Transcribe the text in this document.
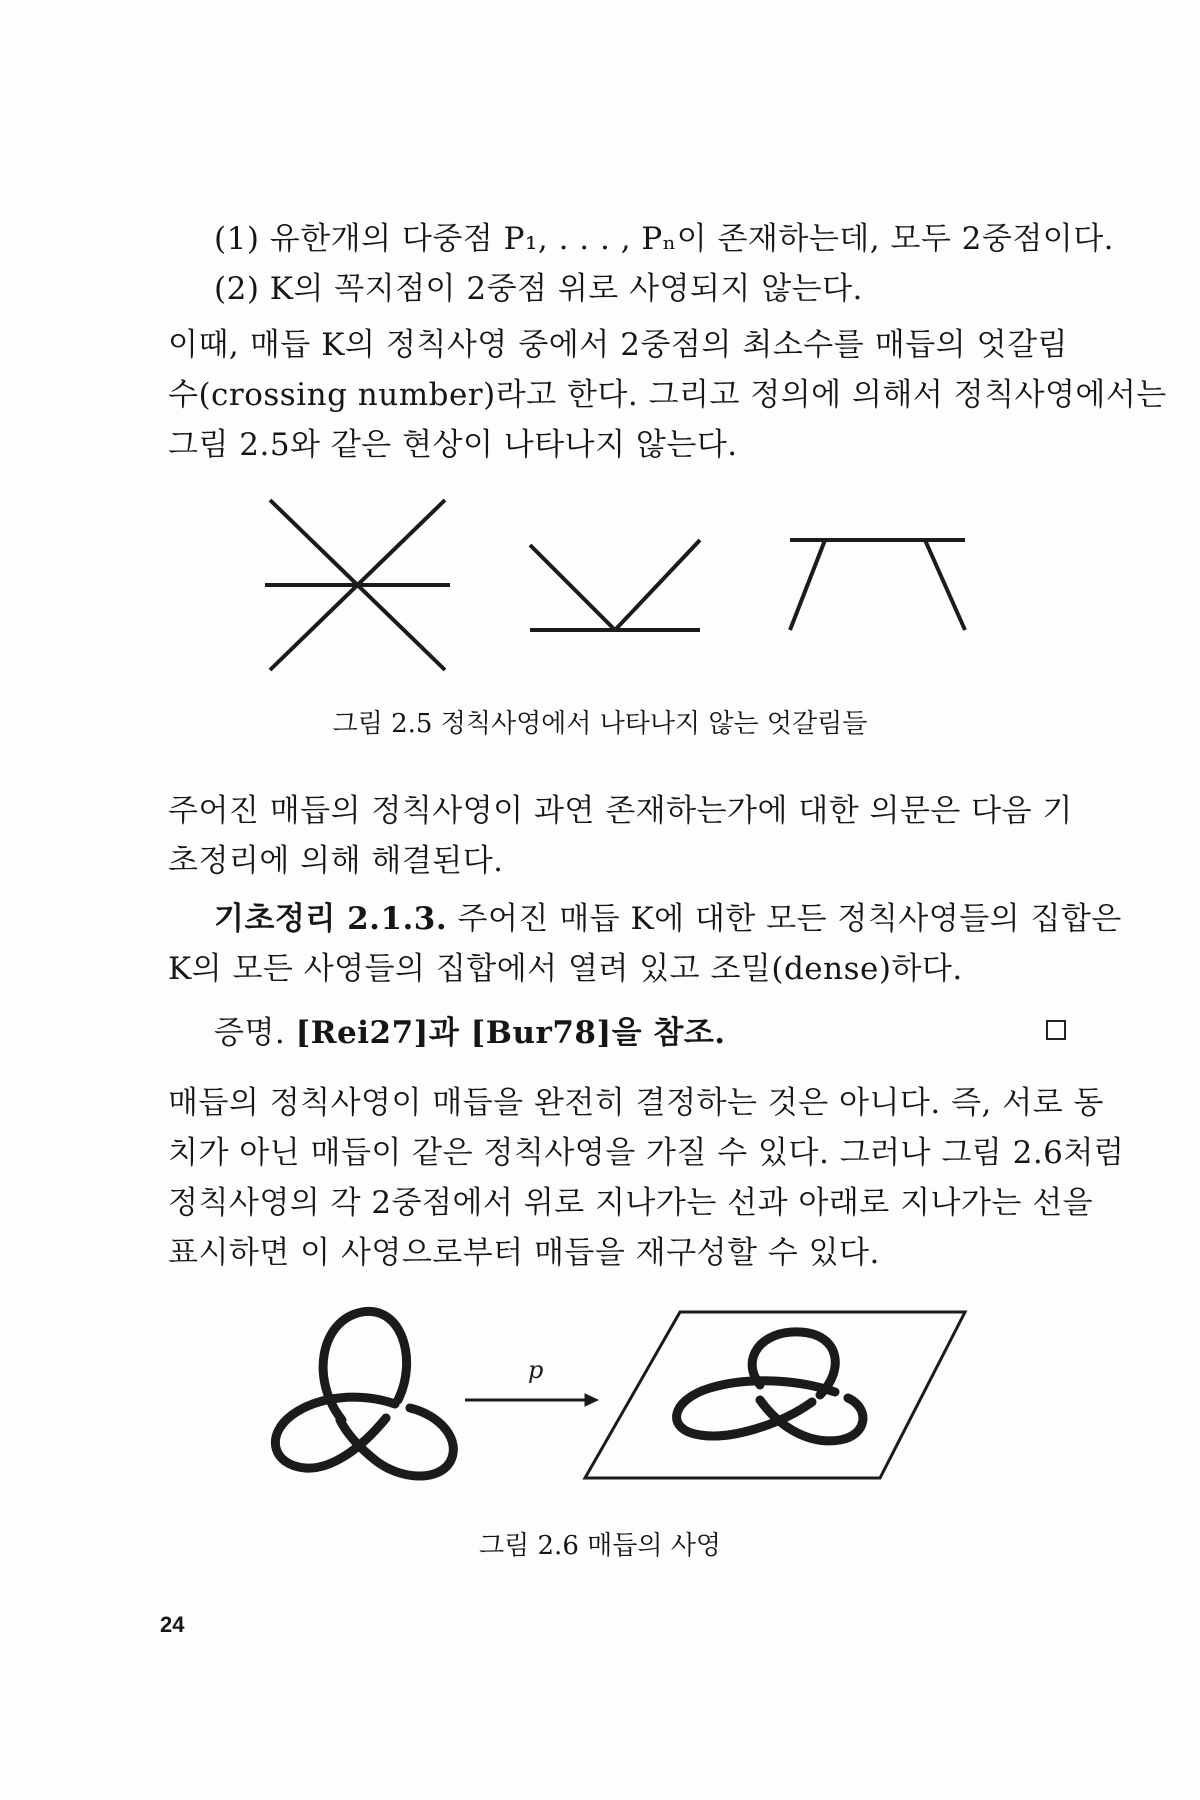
(1) 유한개의 다중점 P₁, . . . , Pₙ이 존재하는데, 모두 2중점이다.
(2) K의 꼭지점이 2중점 위로 사영되지 않는다.
이때, 매듭 K의 정칙사영 중에서 2중점의 최소수를 매듭의 엇갈림
수(crossing number)라고 한다. 그리고 정의에 의해서 정칙사영에서는
그림 2.5와 같은 현상이 나타나지 않는다.
그림 2.5 정칙사영에서 나타나지 않는 엇갈림들
주어진 매듭의 정칙사영이 과연 존재하는가에 대한 의문은 다음 기
초정리에 의해 해결된다.
기초정리 2.1.3. 주어진 매듭 K에 대한 모든 정칙사영들의 집합은
K의 모든 사영들의 집합에서 열려 있고 조밀(dense)하다.
증명. [Rei27]과 [Bur78]을 참조.
매듭의 정칙사영이 매듭을 완전히 결정하는 것은 아니다. 즉, 서로 동
치가 아닌 매듭이 같은 정칙사영을 가질 수 있다. 그러나 그림 2.6처럼
정칙사영의 각 2중점에서 위로 지나가는 선과 아래로 지나가는 선을
표시하면 이 사영으로부터 매듭을 재구성할 수 있다.
p
그림 2.6 매듭의 사영
24
